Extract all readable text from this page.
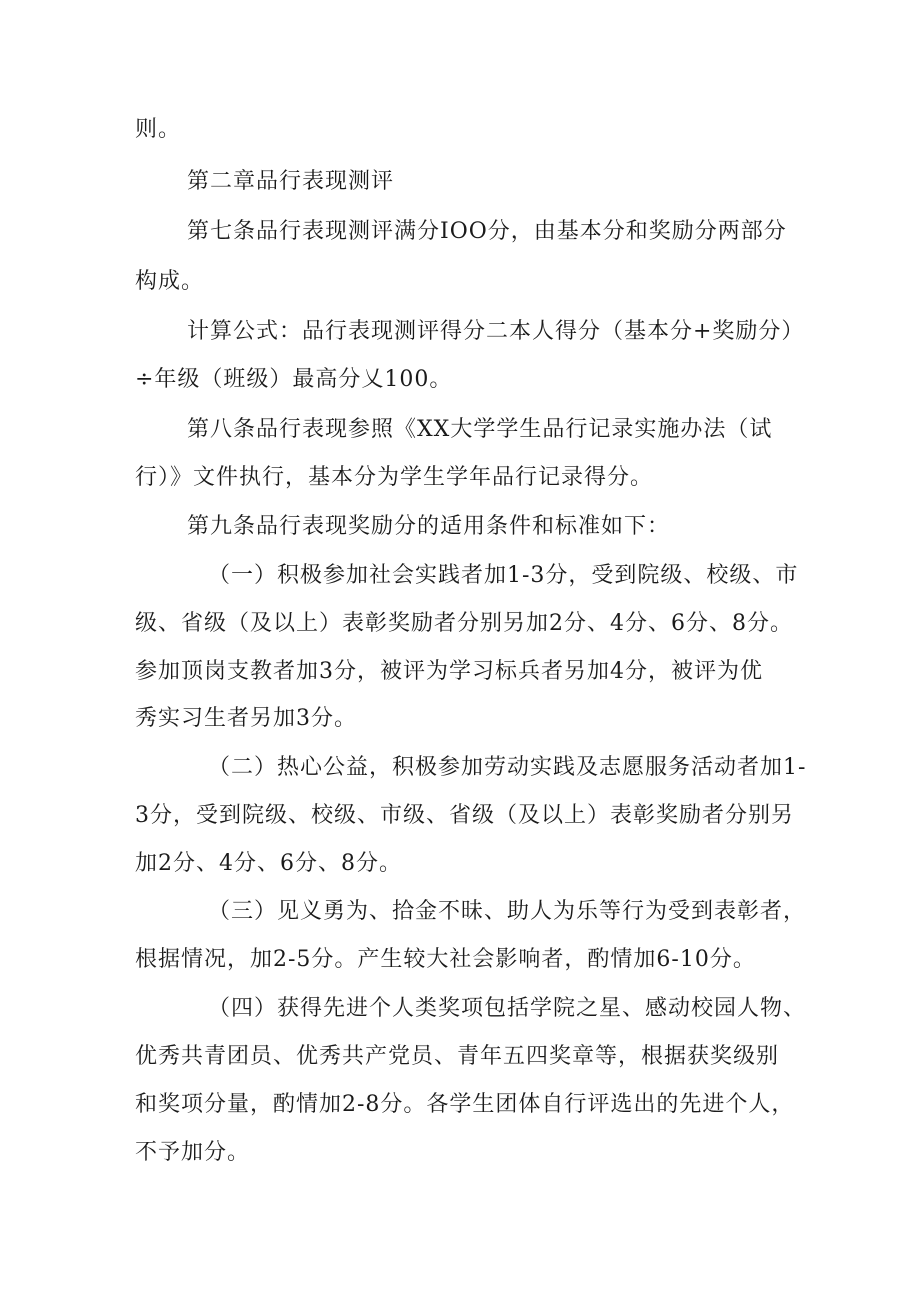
则。
第二章品行表现测评
第七条品行表现测评满分IOO分，由基本分和奖励分两部分
构成。
计算公式：品行表现测评得分二本人得分（基本分+奖励分）
÷年级（班级）最高分乂100。
第八条品行表现参照《XX大学学生品行记录实施办法（试
行）》文件执行，基本分为学生学年品行记录得分。
第九条品行表现奖励分的适用条件和标准如下：
（一）积极参加社会实践者加1-3分，受到院级、校级、市
级、省级（及以上）表彰奖励者分别另加2分、4分、6分、8分。
参加顶岗支教者加3分，被评为学习标兵者另加4分，被评为优
秀实习生者另加3分。
（二）热心公益，积极参加劳动实践及志愿服务活动者加1-
3分，受到院级、校级、市级、省级（及以上）表彰奖励者分别另
加2分、4分、6分、8分。
（三）见义勇为、拾金不昧、助人为乐等行为受到表彰者，
根据情况，加2-5分。产生较大社会影响者，酌情加6-10分。
（四）获得先进个人类奖项包括学院之星、感动校园人物、
优秀共青团员、优秀共产党员、青年五四奖章等，根据获奖级别
和奖项分量，酌情加2-8分。各学生团体自行评选出的先进个人，
不予加分。
